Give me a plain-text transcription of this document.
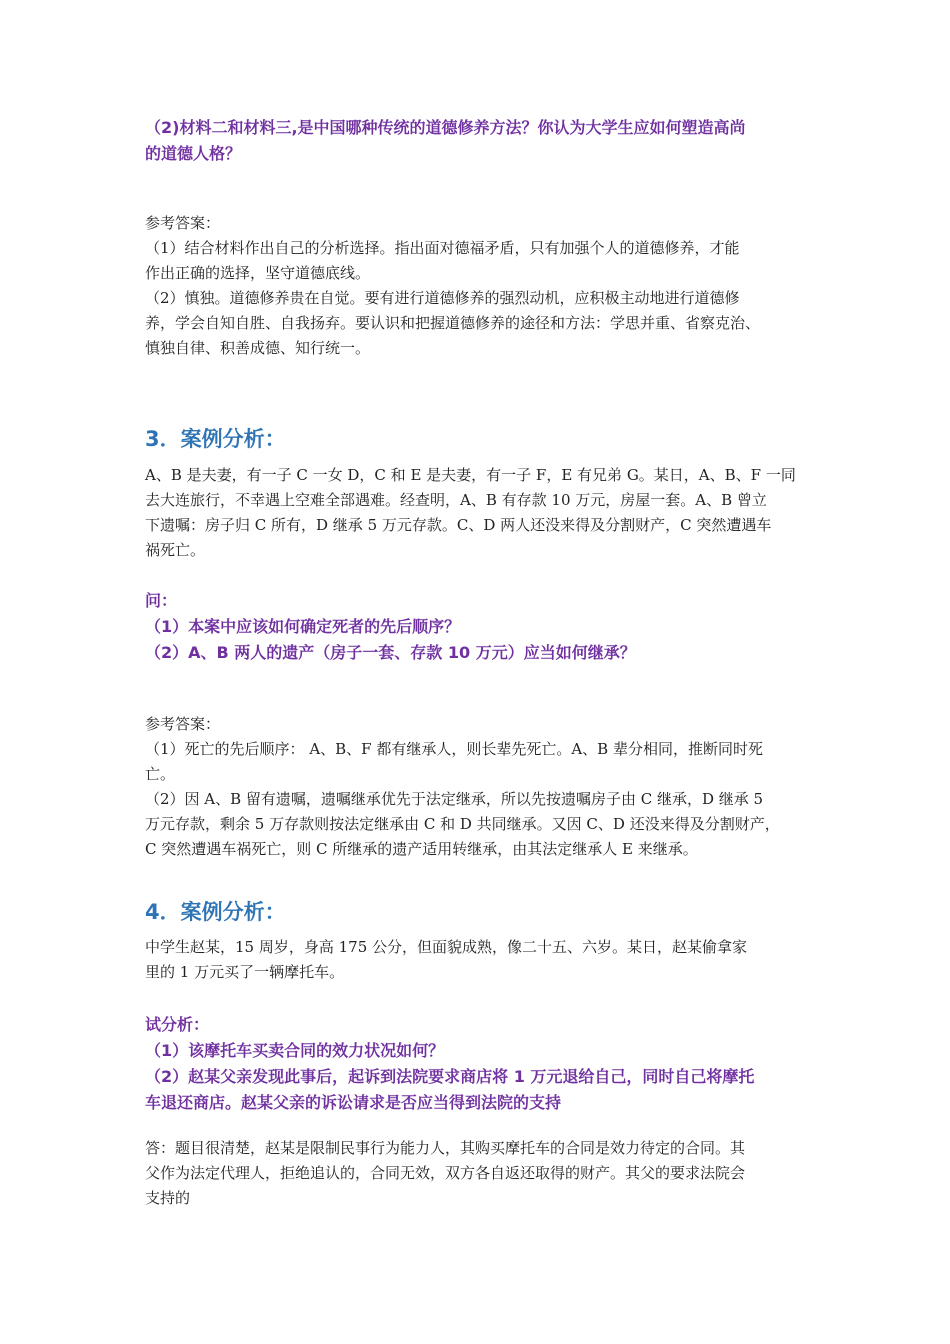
（2)材料二和材料三,是中国哪种传统的道德修养方法？你认为大学生应如何塑造高尚
的道德人格？
参考答案：
（1）结合材料作出自己的分析选择。指出面对德福矛盾，只有加强个人的道德修养，才能
作出正确的选择，坚守道德底线。
（2）慎独。道德修养贵在自觉。要有进行道德修养的强烈动机，应积极主动地进行道德修
养，学会自知自胜、自我扬弃。要认识和把握道德修养的途径和方法：学思并重、省察克治、
慎独自律、积善成德、知行统一。
3．案例分析：
A、B 是夫妻，有一子 C 一女 D，C 和 E 是夫妻，有一子 F，E 有兄弟 G。某日，A、B、F 一同
去大连旅行，不幸遇上空难全部遇难。经查明，A、B 有存款 10 万元，房屋一套。A、B 曾立
下遗嘱：房子归 C 所有，D 继承 5 万元存款。C、D 两人还没来得及分割财产，C 突然遭遇车
祸死亡。
问：
（1）本案中应该如何确定死者的先后顺序？
（2）A、B 两人的遗产（房子一套、存款 10 万元）应当如何继承？
参考答案：
（1）死亡的先后顺序： A、B、F 都有继承人，则长辈先死亡。A、B 辈分相同，推断同时死
亡。
（2）因 A、B 留有遗嘱，遗嘱继承优先于法定继承，所以先按遗嘱房子由 C 继承，D 继承 5
万元存款，剩余 5 万存款则按法定继承由 C 和 D 共同继承。又因 C、D 还没来得及分割财产，
C 突然遭遇车祸死亡，则 C 所继承的遗产适用转继承，由其法定继承人 E 来继承。
4．案例分析：
中学生赵某，15 周岁，身高 175 公分，但面貌成熟，像二十五、六岁。某日，赵某偷拿家
里的 1 万元买了一辆摩托车。
试分析：
（1）该摩托车买卖合同的效力状况如何？
（2）赵某父亲发现此事后，起诉到法院要求商店将 1 万元退给自己，同时自己将摩托
车退还商店。赵某父亲的诉讼请求是否应当得到法院的支持
答：题目很清楚，赵某是限制民事行为能力人，其购买摩托车的合同是效力待定的合同。其
父作为法定代理人，拒绝追认的，合同无效，双方各自返还取得的财产。其父的要求法院会
支持的
